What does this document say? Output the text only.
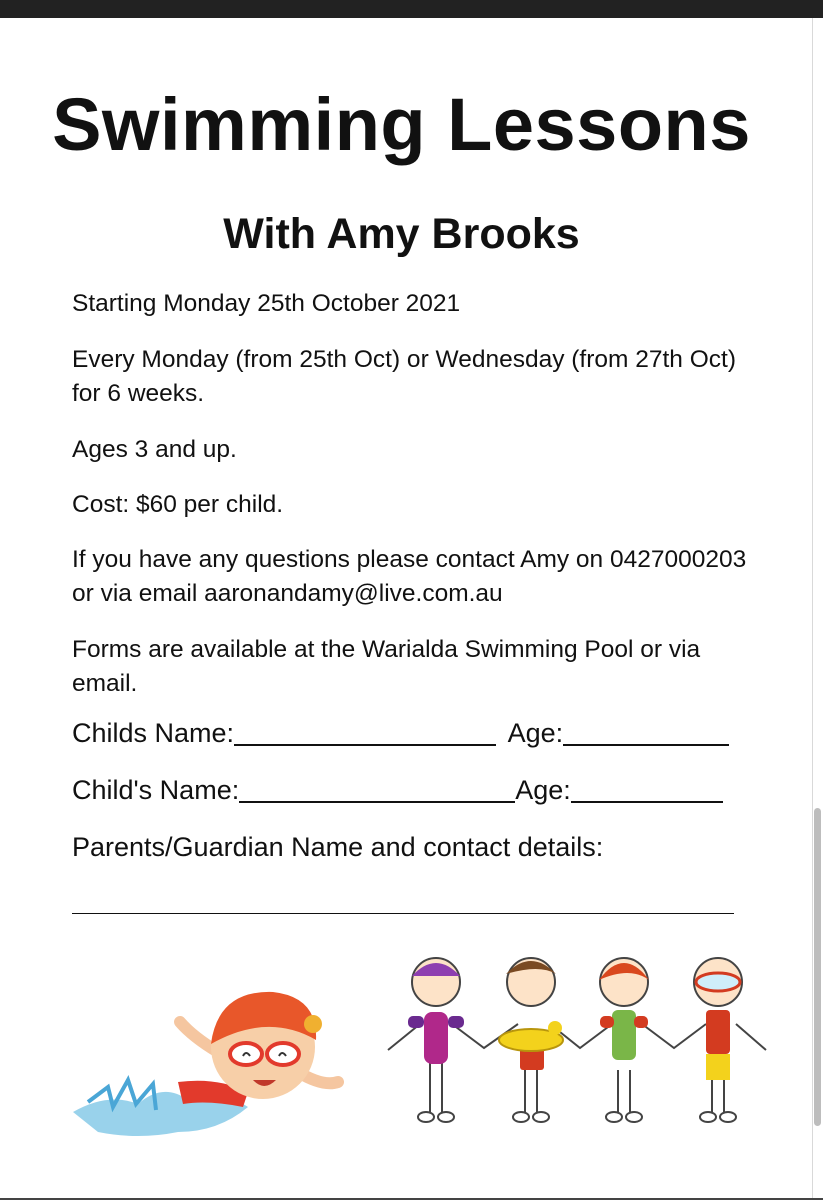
Swimming Lessons
With Amy Brooks

Starting Monday 25th October 2021

Every Monday (from 25th Oct) or Wednesday (from 27th Oct) for 6 weeks.

Ages 3 and up.

Cost: $60 per child.

If you have any questions please contact Amy on 0427000203 or via email aaronandamy@live.com.au

Forms are available at the Warialda Swimming Pool or via email.

Childs Name:	Age:
Child's Name:	Age:
Parents/Guardian Name and contact details:
